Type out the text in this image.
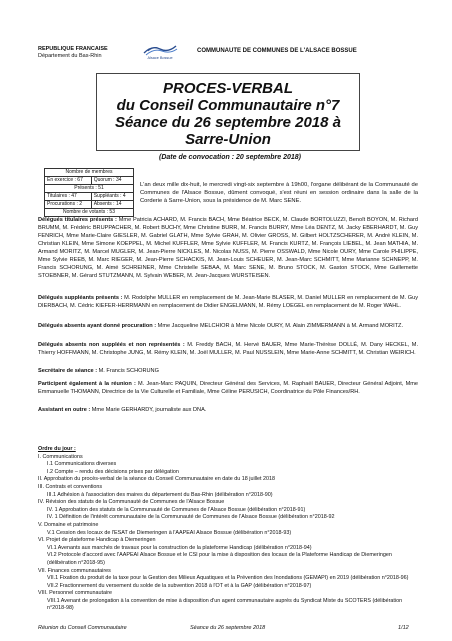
REPUBLIQUE FRANCAISE
Département du Bas-Rhin	Alsace Bossue
COMMUNAUTE DE COMMUNES DE L'ALSACE BOSSUE
PROCES-VERBAL
du Conseil Communautaire n°7
Séance du 26 septembre 2018 à Sarre-Union
(Date de convocation : 20 septembre 2018)
Nombre de membres	
En exercice : 67	Quorum : 34
Présents : 51	
Titulaires : 47	Suppléants : 4
Procurations : 2	Absents : 14
Nombre de votants : 53	
L'an deux mille dix-huit, le mercredi vingt-six septembre à 19h00, l'organe délibérant de la Communauté de Communes de l'Alsace Bossue, dûment convoqué, s'est réuni en session ordinaire dans la salle de la Corderie à Sarre-Union, sous la présidence de M. Marc SENE.
Délégués titulaires présents : Mme Patricia ACHARD, M. Francis BACH, Mme Béatrice BECK, M. Claude BORTOLUZZI, Benoît BOYON, M. Richard BRUMM, M. Frédéric BRUPPACHER, M. Robert BUCHY, Mme Christine BURR, M. Francis BURRY, Mme Léa DENTZ, M. Jacky EBERHARDT, M. Guy FENRICH, Mme Marie-Claire GIESLER, M. Gabriel GLATH, Mme Sylvie GRAH, M. Olivier GROSS, M. Gilbert HOLTZSCHERER, M. André KLEIN, M. Christian KLEIN, Mme Simone KOEPPEL, M. Michel KUFFLER, Mme Sylvie KUFFLER, M. Francis KURTZ, M. François LIEBEL, M. Jean MATHIA, M. Armand MORITZ, M. Marcel MUGLER, M. Jean-Pierre NICKLES, M. Nicolas NUSS, M. Pierre OSSWALD, Mme Nicole OURY, Mme Carole PHILIPPE, Mme Sylvie REEB, M. Marc RIEGER, M. Jean-Pierre SCHACKIS, M. Jean-Louis SCHEUER, M. Jean-Marc SCHMITT, Mme Marianne SCHNEPP, M. Francis SCHORUNG, M. Aimé SCHREINER, Mme Christelle SEBAA, M. Marc SENE, M. Bruno STOCK, M. Gaston STOCK, Mme Guillemette STOEBNER, M. Gérard STUTZMANN, M. Sylvain WEBER, M. Jean-Jacques WURSTEISEN.
Délégués suppléants présents : M. Rodolphe MULLER en remplacement de M. Jean-Marie BLASER, M. Daniel MULLER en remplacement de M. Guy DIERBACH, M. Cédric KIEFER-HERRMANN en remplacement de Didier ENGELMANN, M. Rémy LOEGEL en remplacement de M. Roger WAHL.
Délégués absents ayant donné procuration : Mme Jacqueline MELCHIOR à Mme Nicole OURY, M. Alain ZIMMERMANN à M. Armand MORITZ.
Délégués absents non suppléés et non représentés : M. Freddy BACH, M. Hervé BAUER, Mme Marie-Thérèse DOLLÉ, M. Dany HECKEL, M. Thierry HOFFMANN, M. Christophe JUNG, M. Rémy KLEIN, M. Joël MULLER, M. Paul NUSSLEIN, Mme Marie-Anne SCHMITT, M. Christian WEIRICH.
Secrétaire de séance : M. Francis SCHORUNG
Participent également à la réunion : M. Jean-Marc PAQUIN, Directeur Général des Services, M. Raphaël BAUER, Directeur Général Adjoint, Mme Emmanuelle THOMANN, Directrice de la Vie Culturelle et Familiale, Mme Céline PERUSICH, Coordinatrice du Pôle Finances/RH.
Assistant en outre : Mme Marie GERHARDY, journaliste aux DNA.
Ordre du jour :
I. Communications
I.1 Communications diverses
I.2 Compte – rendu des décisions prises par délégation
II. Approbation du procès-verbal de la séance du Conseil Communautaire en date du 18 juillet 2018
III. Contrats et conventions
III.1 Adhésion à l'association des maires du département du Bas-Rhin (délibération n°2018-90)
IV. Révision des statuts de la Communauté de Communes de l'Alsace Bossue
IV. 1 Approbation des statuts de la Communauté de Communes de l'Alsace Bossue (délibération n°2018-91)
IV. 1 Définition de l'intérêt communautaire de la Communauté de Communes de l'Alsace Bossue (délibération n°2018-92
V. Domaine et patrimoine
V.1 Cession des locaux de l'ESAT de Diemeringen à l'AAPEAI Alsace Bossue (délibération n°2018-93)
VI. Projet de plateforme Handicap à Diemeringen
VI.1 Avenants aux marchés de travaux pour la construction de la plateforme Handicap (délibération n°2018-94)
VI.2 Protocole d'accord avec l'AAPEAI Alsace Bossue et le CSI pour la mise à disposition des locaux de la Plateforme Handicap de Diemeringen (délibération n°2018-95)
VII. Finances communautaires
VII.1 Fixation du produit de la taxe pour la Gestion des Milieux Aquatiques et la Prévention des Inondations (GEMAPI) en 2019 (délibération n°2018-96)
VII.2 Fractionnement du versement du solde de la subvention 2018 à l'OT et à la GAP (délibération n°2018-97)
VIII. Personnel communautaire
VIII.1 Avenant de prolongation à la convention de mise à disposition d'un agent communautaire auprès du Syndicat Mixte du SCOTERS (délibération n°2018-98)
Réunion du Conseil Communautaire	Séance du 26 septembre 2018	1/12
